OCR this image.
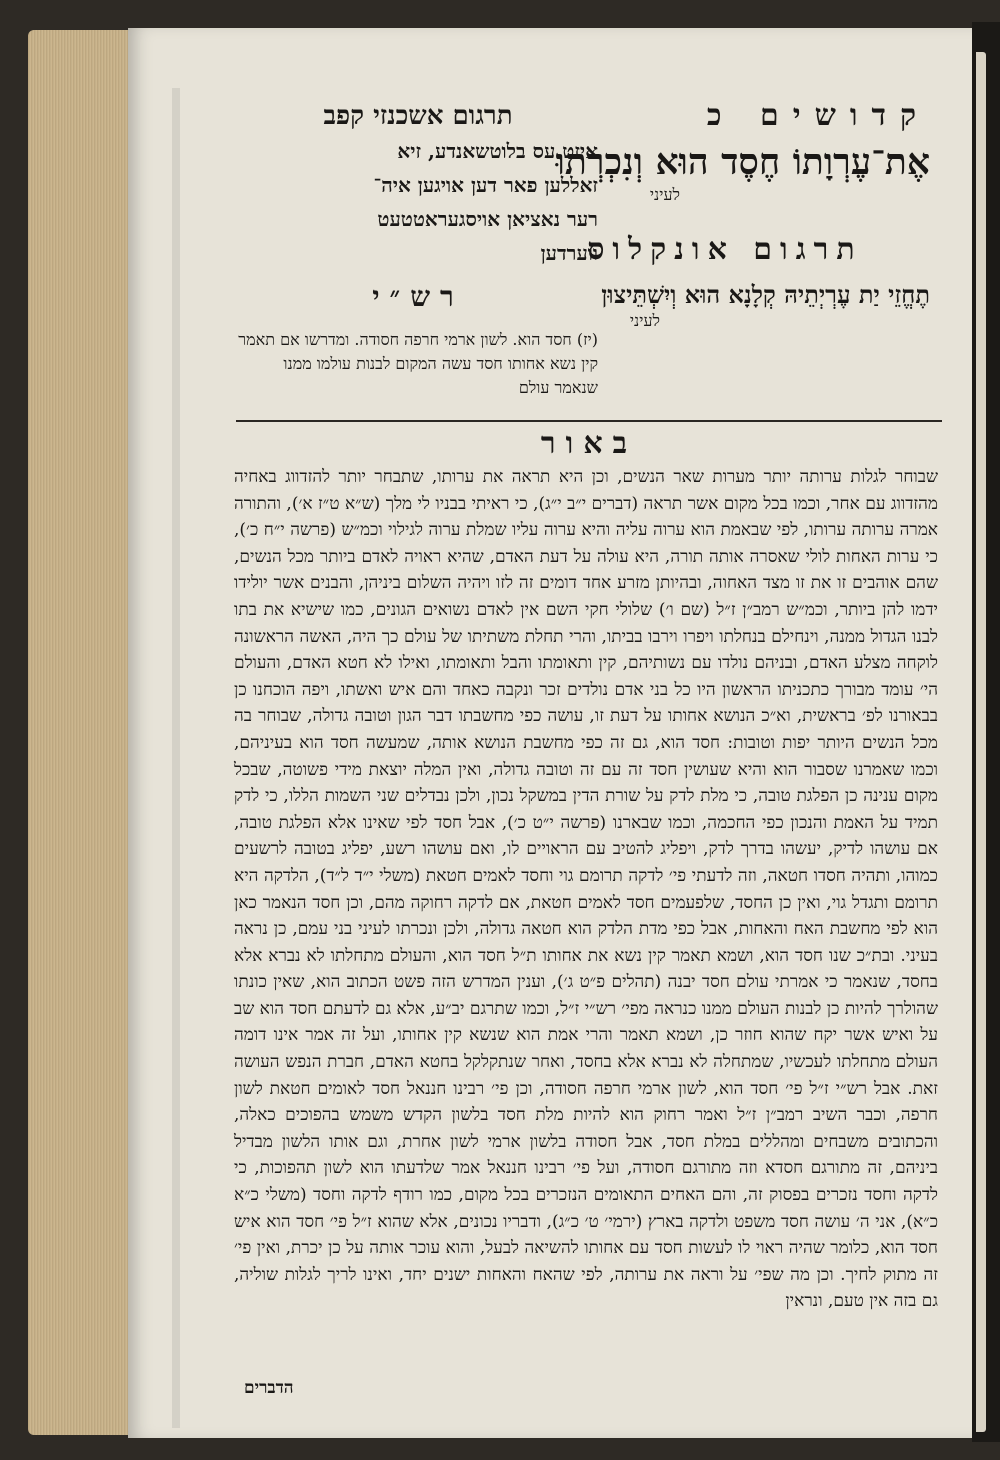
קדושים כ
אֶת־עֶרְוָתוֹ חֶסֶד הוּא וְנִכְרְתוּ
לעיני
תרגום אונקלוס
תֶחֱזֵי יַת עֶרְיְתֵיהּ קְלָנָא הוּא וְיִשְׁתֵּיצוּן
לעיני
תרגום אשכנזי קפב
איזט עס בלוטשאנדע, זיא
זאללען פאר דען אויגען איה־
רער נאציאן אויסגעראטטעט
ווערדען
רש״י
(יז) חסד הוא. לשון ארמי חרפה חסודה. ומדרשו אם תאמר קין נשא אחותו חסד עשה המקום לבנות עולמו ממנו שנאמר עולם
באור
שבוחר לגלות ערותה יותר מערות שאר הנשים, וכן היא תראה את ערותו, שתבחר יותר להזדווג באחיה מהזדווג עם אחר, וכמו בכל מקום אשר תראה (דברים י״ב י״ג), כי ראיתי בבניו לי מלך (ש״א ט״ז א׳), והתורה אמרה ערותה ערותו, לפי שבאמת הוא ערוה עליה והיא ערוה עליו שמלת ערוה לגילוי וכמ״ש (פרשה י״ח כ׳), כי ערות האחות לולי שאסרה אותה תורה, היא עולה על דעת האדם, שהיא ראויה לאדם ביותר מכל הנשים, שהם אוהבים זו את זו מצד האחוה, ובהיותן מזרע אחד דומים זה לזו ויהיה השלום ביניהן, והבנים אשר יולידו ידמו להן ביותר, וכמ״ש רמב״ן ז״ל (שם ו׳) שלולי חקי השם אין לאדם נשואים הגונים, כמו שישיא את בתו לבנו הגדול ממנה, וינחילם בנחלתו ויפרו וירבו בביתו, והרי תחלת משתיתו של עולם כך היה, האשה הראשונה לוקחה מצלע האדם, ובניהם נולדו עם נשותיהם, קין ותאומתו והבל ותאומתו, ואילו לא חטא האדם, והעולם הי׳ עומד מבורך כתכניתו הראשון היו כל בני אדם נולדים זכר ונקבה כאחד והם איש ואשתו, ויפה הוכחנו כן בבאורנו לפ׳ בראשית, וא״כ הנושא אחותו על דעת זו, עושה כפי מחשבתו דבר הגון וטובה גדולה, שבוחר בה מכל הנשים היותר יפות וטובות: חסד הוא, גם זה כפי מחשבת הנושא אותה, שמעשה חסד הוא בעיניהם, וכמו שאמרנו שסבור הוא והיא שעושין חסד זה עם זה וטובה גדולה, ואין המלה יוצאת מידי פשוטה, שבכל מקום ענינה כן הפלגת טובה, כי מלת לדק על שורת הדין במשקל נכון, ולכן נבדלים שני השמות הללו, כי לדק תמיד על האמת והנכון כפי החכמה, וכמו שבארנו (פרשה י״ט כ׳), אבל חסד לפי שאינו אלא הפלגת טובה, אם עושהו לדיק, יעשהו בדרך לדק, ויפליג להטיב עם הראויים לו, ואם עושהו רשע, יפליג בטובה לרשעים כמוהו, ותהיה חסדו חטאה, וזה לדעתי פי׳ לדקה תרומם גוי וחסד לאמים חטאת (משלי י״ד ל״ד), הלדקה היא תרומם ותגדל גוי, ואין כן החסד, שלפעמים חסד לאמים חטאת, אם לדקה רחוקה מהם, וכן חסד הנאמר כאן הוא לפי מחשבת האח והאחות, אבל כפי מדת הלדק הוא חטאה גדולה, ולכן ונכרתו לעיני בני עמם, כן נראה בעיני. ובת״כ שנו חסד הוא, ושמא תאמר קין נשא את אחותו ת״ל חסד הוא, והעולם מתחלתו לא נברא אלא בחסד, שנאמר כי אמרתי עולם חסד יבנה (תהלים פ״ט ג׳), וענין המדרש הזה פשט הכתוב הוא, שאין כונתו שהולרך להיות כן לבנות העולם ממנו כנראה מפי׳ רש״י ז״ל, וכמו שתרגם יב״ע, אלא גם לדעתם חסד הוא שב על ואיש אשר יקח שהוא חוזר כן, ושמא תאמר והרי אמת הוא שנשא קין אחותו, ועל זה אמר אינו דומה העולם מתחלתו לעכשיו, שמתחלה לא נברא אלא בחסד, ואחר שנתקלקל בחטא האדם, חברת הנפש העושה זאת. אבל רש״י ז״ל פי׳ חסד הוא, לשון ארמי חרפה חסודה, וכן פי׳ רבינו חננאל חסד לאומים חטאת לשון חרפה, וכבר השיב רמב״ן ז״ל ואמר רחוק הוא להיות מלת חסד בלשון הקדש משמש בהפוכים כאלה, והכתובים משבחים ומהללים במלת חסד, אבל חסודה בלשון ארמי לשון אחרת, וגם אותו הלשון מבדיל ביניהם, זה מתורגם חסדא וזה מתורגם חסודה, ועל פי׳ רבינו חננאל אמר שלדעתו הוא לשון תהפוכות, כי לדקה וחסד נזכרים בפסוק זה, והם האחים התאומים הנזכרים בכל מקום, כמו רודף לדקה וחסד (משלי כ״א כ״א), אני ה׳ עושה חסד משפט ולדקה בארץ (ירמי׳ ט׳ כ״ג), ודבריו נכונים, אלא שהוא ז״ל פי׳ חסד הוא איש חסד הוא, כלומר שהיה ראוי לו לעשות חסד עם אחותו להשיאה לבעל, והוא עוכר אותה על כן יכרת, ואין פי׳ זה מתוק לחיך. וכן מה שפי׳ על וראה את ערותה, לפי שהאח והאחות ישנים יחד, ואינו לריך לגלות שוליה, גם בזה אין טעם, ונראין
הדברים
